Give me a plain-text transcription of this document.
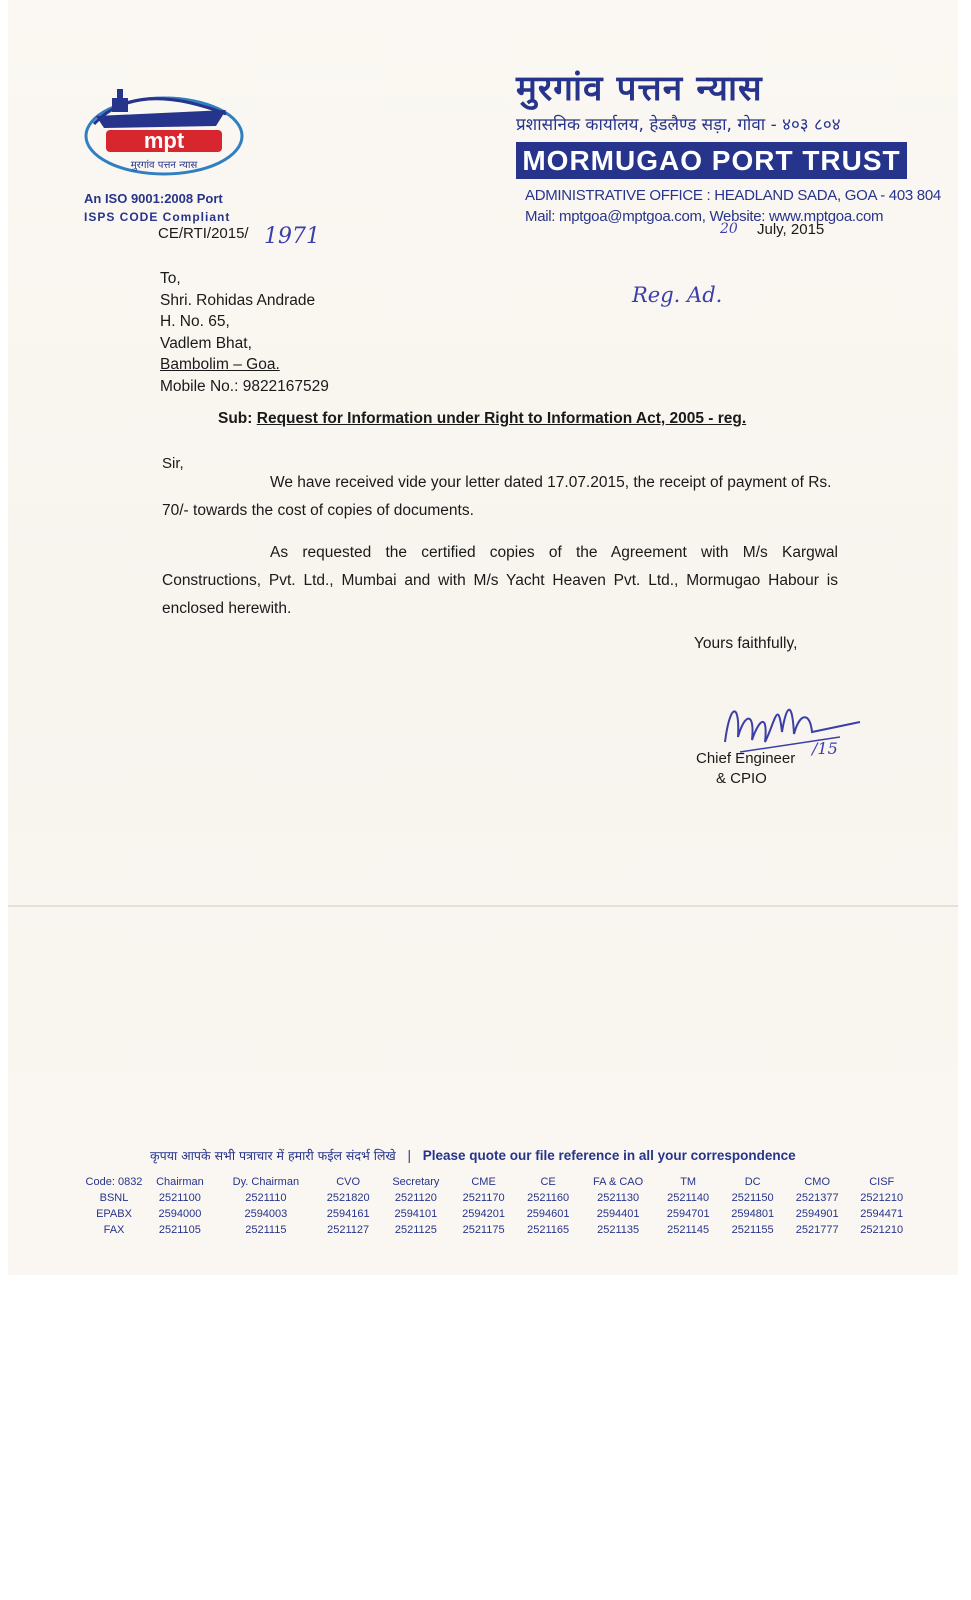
mpt
मुरगांव पत्तन न्यास
An ISO 9001:2008 Port
ISPS CODE Compliant
मुरगांव पत्तन न्यास
प्रशासनिक कार्यालय, हेडलैण्ड सड़ा, गोवा - ४०३ ८०४
MORMUGAO PORT TRUST
ADMINISTRATIVE OFFICE : HEADLAND SADA, GOA - 403 804
Mail: mptgoa@mptgoa.com, Website: www.mptgoa.com
CE/RTI/2015/ 1971	20 July, 2015
To,
Shri. Rohidas Andrade
H. No. 65,
Vadlem Bhat,
Bambolim – Goa.
Mobile No.: 9822167529
Reg. Ad.
Sub: Request for Information under Right to Information Act, 2005 - reg.
Sir,
We have received vide your letter dated 17.07.2015, the receipt of payment of Rs. 70/- towards the cost of copies of documents.
As requested the certified copies of the Agreement with M/s Kargwal Constructions, Pvt. Ltd., Mumbai and with M/s Yacht Heaven Pvt. Ltd., Mormugao Habour is enclosed herewith.
Yours faithfully,
/15
Chief Engineer
& CPIO
कृपया आपके सभी पत्राचार में हमारी फईल संदर्भ लिखे | Please quote our file reference in all your correspondence
Code: 0832	Chairman	Dy. Chairman	CVO	Secretary	CME	CE	FA & CAO	TM	DC	CMO	CISF
BSNL	2521100	2521110	2521820	2521120	2521170	2521160	2521130	2521140	2521150	2521377	2521210
EPABX	2594000	2594003	2594161	2594101	2594201	2594601	2594401	2594701	2594801	2594901	2594471
FAX	2521105	2521115	2521127	2521125	2521175	2521165	2521135	2521145	2521155	2521777	2521210
